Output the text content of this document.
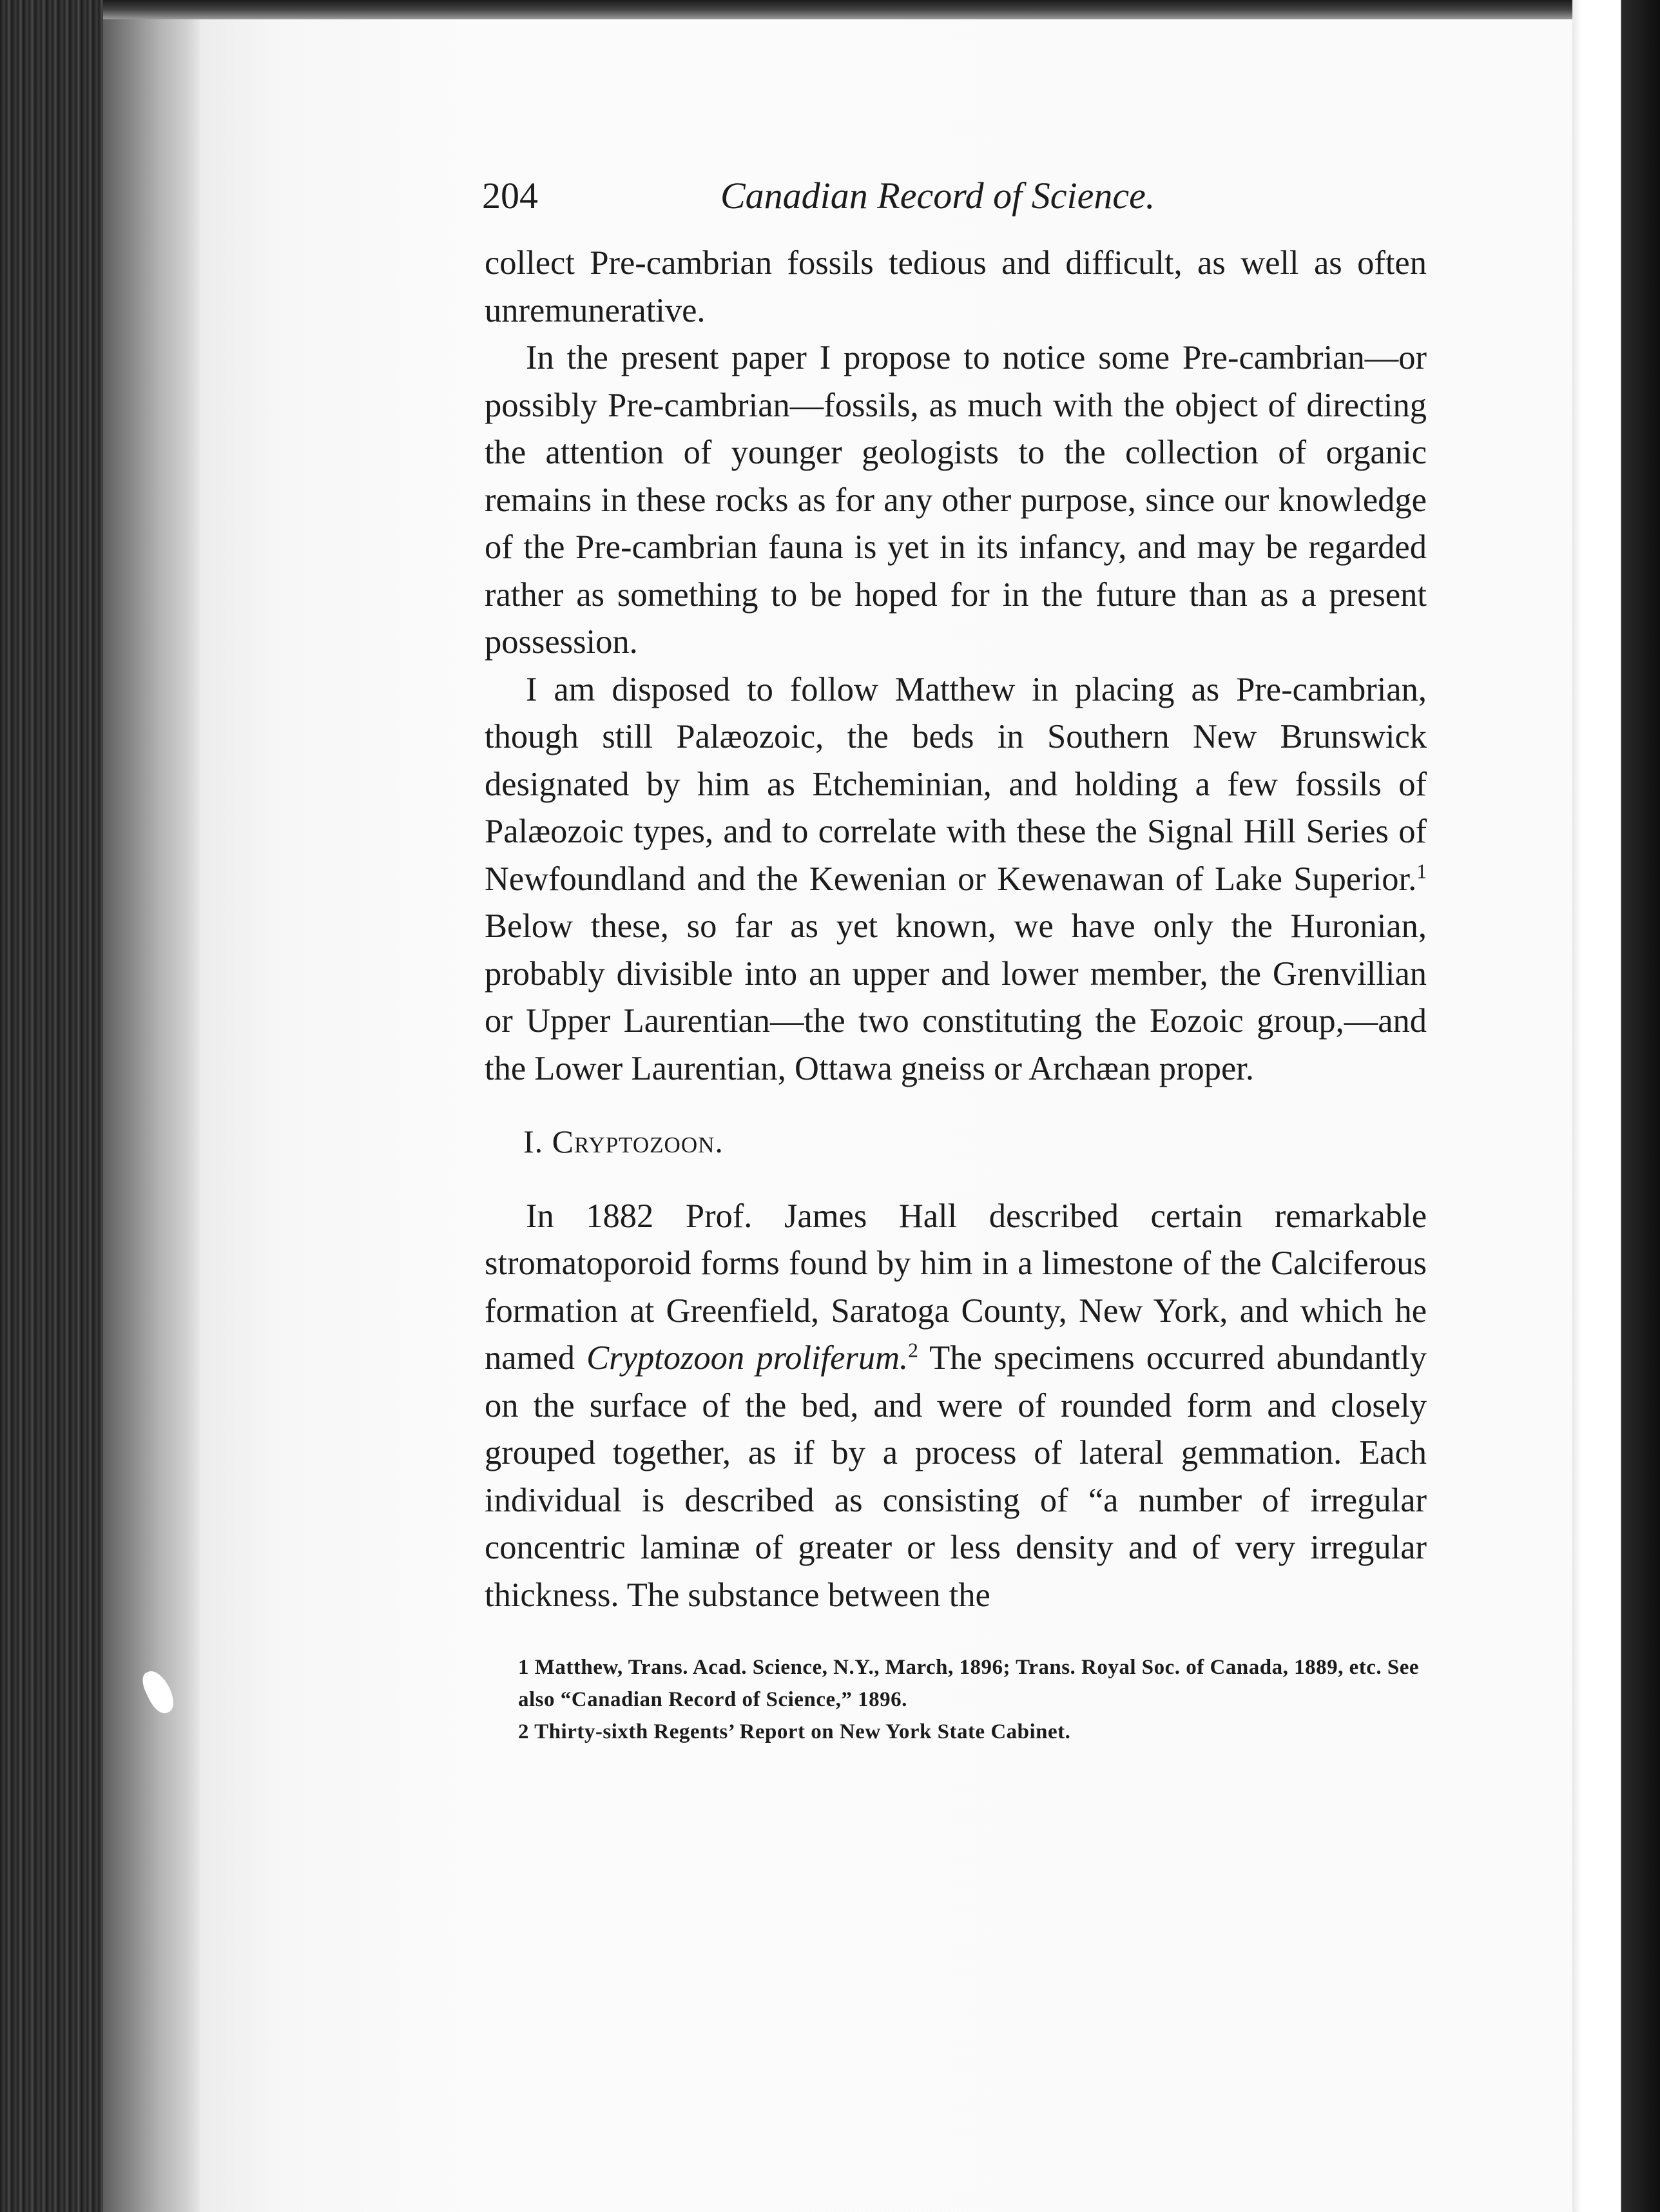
204	Canadian Record of Science.

collect Pre-cambrian fossils tedious and difficult, as well as often unremunerative.

In the present paper I propose to notice some Pre-cambrian—or possibly Pre-cambrian—fossils, as much with the object of directing the attention of younger geologists to the collection of organic remains in these rocks as for any other purpose, since our knowledge of the Pre-cambrian fauna is yet in its infancy, and may be regarded rather as something to be hoped for in the future than as a present possession.

I am disposed to follow Matthew in placing as Pre-cambrian, though still Palæozoic, the beds in Southern New Brunswick designated by him as Etcheminian, and holding a few fossils of Palæozoic types, and to correlate with these the Signal Hill Series of Newfoundland and the Kewenian or Kewenawan of Lake Superior.$^1$ Below these, so far as yet known, we have only the Huronian, probably divisible into an upper and lower member, the Grenvillian or Upper Laurentian—the two constituting the Eozoic group,—and the Lower Laurentian, Ottawa gneiss or Archæan proper.

I. Cryptozoon.

In 1882 Prof. James Hall described certain remarkable stromatoporoid forms found by him in a limestone of the Calciferous formation at Greenfield, Saratoga County, New York, and which he named Cryptozoon proliferum.$^2$ The specimens occurred abundantly on the surface of the bed, and were of rounded form and closely grouped together, as if by a process of lateral gemmation. Each individual is described as consisting of “a number of irregular concentric laminæ of greater or less density and of very irregular thickness. The substance between the

1 Matthew, Trans. Acad. Science, N.Y., March, 1896; Trans. Royal Soc. of Canada, 1889, etc. See also “Canadian Record of Science,” 1896.

2 Thirty-sixth Regents’ Report on New York State Cabinet.
